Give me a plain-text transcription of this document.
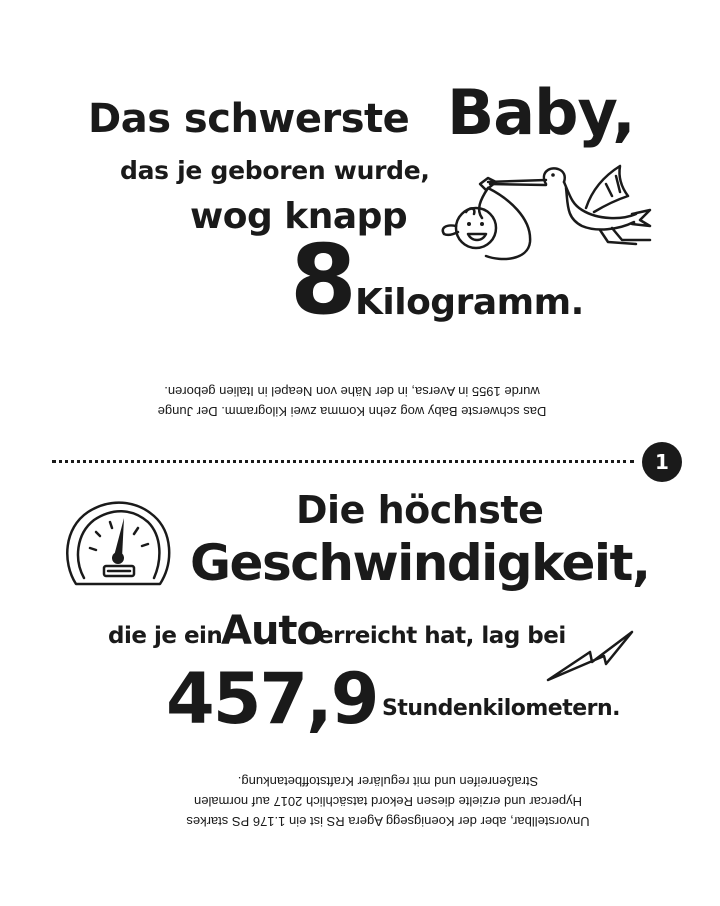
Das schwerste Baby,
das je geboren wurde,
wog knapp
8
Kilogramm.
Das schwerste Baby wog zehn Komma zwei Kilogramm. Der Junge
wurde 1955 in Aversa, in der Nähe von Neapel in Italien geboren.
1
Die höchste
Geschwindigkeit,
die je ein
Auto
erreicht hat, lag bei
457,9 Stundenkilometern.
Unvorstellbar, aber der Koenigsegg Agera RS ist ein 1.176 PS starkes
Hypercar und erzielte diesen Rekord tatsächlich 2017 auf normalen
Straßenreifen und mit regulärer Kraftstoffbetankung.
